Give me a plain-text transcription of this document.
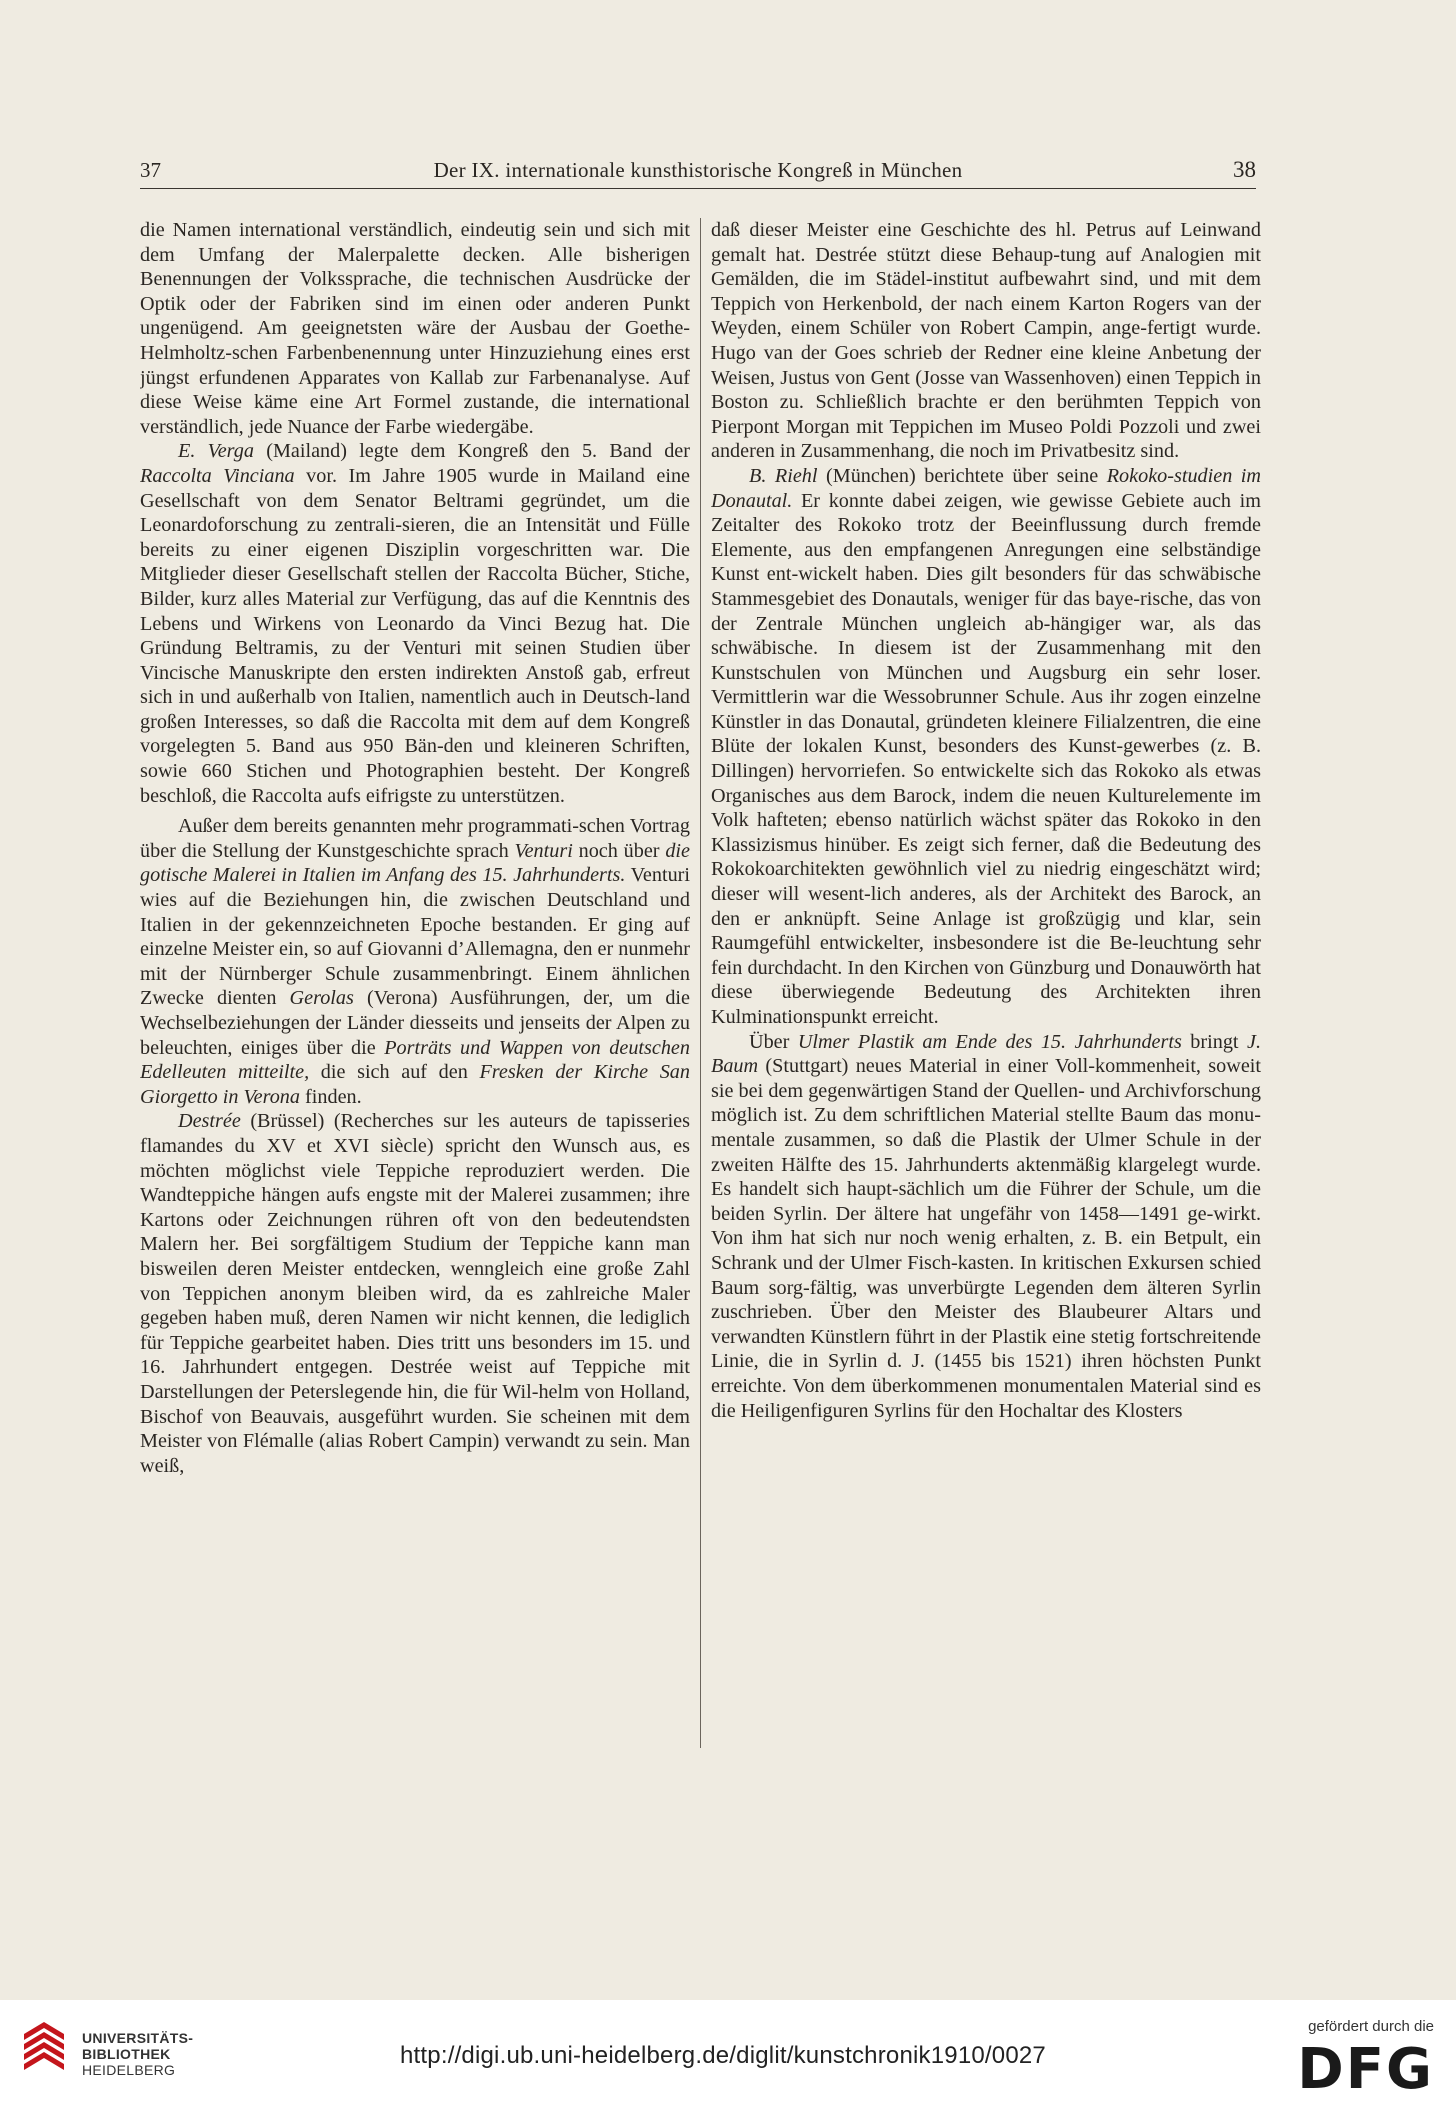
37	Der IX. internationale kunsthistorische Kongreß in München	38

die Namen international verständlich, eindeutig sein und sich mit dem Umfang der Malerpalette decken. Alle bisherigen Benennungen der Volkssprache, die technischen Ausdrücke der Optik oder der Fabriken sind im einen oder anderen Punkt ungenügend. Am geeignetsten wäre der Ausbau der Goethe-Helmholtz-schen Farbenbenennung unter Hinzuziehung eines erst jüngst erfundenen Apparates von Kallab zur Farbenanalyse. Auf diese Weise käme eine Art Formel zustande, die international verständlich, jede Nuance der Farbe wiedergäbe.

E. Verga (Mailand) legte dem Kongreß den 5. Band der Raccolta Vinciana vor. Im Jahre 1905 wurde in Mailand eine Gesellschaft von dem Senator Beltrami gegründet, um die Leonardoforschung zu zentrali-sieren, die an Intensität und Fülle bereits zu einer eigenen Disziplin vorgeschritten war. Die Mitglieder dieser Gesellschaft stellen der Raccolta Bücher, Stiche, Bilder, kurz alles Material zur Verfügung, das auf die Kenntnis des Lebens und Wirkens von Leonardo da Vinci Bezug hat. Die Gründung Beltramis, zu der Venturi mit seinen Studien über Vincische Manuskripte den ersten indirekten Anstoß gab, erfreut sich in und außerhalb von Italien, namentlich auch in Deutsch-land großen Interesses, so daß die Raccolta mit dem auf dem Kongreß vorgelegten 5. Band aus 950 Bän-den und kleineren Schriften, sowie 660 Stichen und Photographien besteht. Der Kongreß beschloß, die Raccolta aufs eifrigste zu unterstützen.

Außer dem bereits genannten mehr programmati-schen Vortrag über die Stellung der Kunstgeschichte sprach Venturi noch über die gotische Malerei in Italien im Anfang des 15. Jahrhunderts. Venturi wies auf die Beziehungen hin, die zwischen Deutschland und Italien in der gekennzeichneten Epoche bestanden. Er ging auf einzelne Meister ein, so auf Giovanni d’Allemagna, den er nunmehr mit der Nürnberger Schule zusammenbringt. Einem ähnlichen Zwecke dienten Gerolas (Verona) Ausführungen, der, um die Wechselbeziehungen der Länder diesseits und jenseits der Alpen zu beleuchten, einiges über die Porträts und Wappen von deutschen Edelleuten mitteilte, die sich auf den Fresken der Kirche San Giorgetto in Verona finden.

Destrée (Brüssel) (Recherches sur les auteurs de tapisseries flamandes du XV et XVI siècle) spricht den Wunsch aus, es möchten möglichst viele Teppiche reproduziert werden. Die Wandteppiche hängen aufs engste mit der Malerei zusammen; ihre Kartons oder Zeichnungen rühren oft von den bedeutendsten Malern her. Bei sorgfältigem Studium der Teppiche kann man bisweilen deren Meister entdecken, wenngleich eine große Zahl von Teppichen anonym bleiben wird, da es zahlreiche Maler gegeben haben muß, deren Namen wir nicht kennen, die lediglich für Teppiche gearbeitet haben. Dies tritt uns besonders im 15. und 16. Jahrhundert entgegen. Destrée weist auf Teppiche mit Darstellungen der Peterslegende hin, die für Wil-helm von Holland, Bischof von Beauvais, ausgeführt wurden. Sie scheinen mit dem Meister von Flémalle (alias Robert Campin) verwandt zu sein. Man weiß,

daß dieser Meister eine Geschichte des hl. Petrus auf Leinwand gemalt hat. Destrée stützt diese Behaup-tung auf Analogien mit Gemälden, die im Städel-institut aufbewahrt sind, und mit dem Teppich von Herkenbold, der nach einem Karton Rogers van der Weyden, einem Schüler von Robert Campin, ange-fertigt wurde. Hugo van der Goes schrieb der Redner eine kleine Anbetung der Weisen, Justus von Gent (Josse van Wassenhoven) einen Teppich in Boston zu. Schließlich brachte er den berühmten Teppich von Pierpont Morgan mit Teppichen im Museo Poldi Pozzoli und zwei anderen in Zusammenhang, die noch im Privatbesitz sind.

B. Riehl (München) berichtete über seine Rokoko-studien im Donautal. Er konnte dabei zeigen, wie gewisse Gebiete auch im Zeitalter des Rokoko trotz der Beeinflussung durch fremde Elemente, aus den empfangenen Anregungen eine selbständige Kunst ent-wickelt haben. Dies gilt besonders für das schwäbische Stammesgebiet des Donautals, weniger für das baye-rische, das von der Zentrale München ungleich ab-hängiger war, als das schwäbische. In diesem ist der Zusammenhang mit den Kunstschulen von München und Augsburg ein sehr loser. Vermittlerin war die Wessobrunner Schule. Aus ihr zogen einzelne Künstler in das Donautal, gründeten kleinere Filialzentren, die eine Blüte der lokalen Kunst, besonders des Kunst-gewerbes (z. B. Dillingen) hervorriefen. So entwickelte sich das Rokoko als etwas Organisches aus dem Barock, indem die neuen Kulturelemente im Volk hafteten; ebenso natürlich wächst später das Rokoko in den Klassizismus hinüber. Es zeigt sich ferner, daß die Bedeutung des Rokokoarchitekten gewöhnlich viel zu niedrig eingeschätzt wird; dieser will wesent-lich anderes, als der Architekt des Barock, an den er anknüpft. Seine Anlage ist großzügig und klar, sein Raumgefühl entwickelter, insbesondere ist die Be-leuchtung sehr fein durchdacht. In den Kirchen von Günzburg und Donauwörth hat diese überwiegende Bedeutung des Architekten ihren Kulminationspunkt erreicht.

Über Ulmer Plastik am Ende des 15. Jahrhunderts bringt J. Baum (Stuttgart) neues Material in einer Voll-kommenheit, soweit sie bei dem gegenwärtigen Stand der Quellen- und Archivforschung möglich ist. Zu dem schriftlichen Material stellte Baum das monu-mentale zusammen, so daß die Plastik der Ulmer Schule in der zweiten Hälfte des 15. Jahrhunderts aktenmäßig klargelegt wurde. Es handelt sich haupt-sächlich um die Führer der Schule, um die beiden Syrlin. Der ältere hat ungefähr von 1458—1491 ge-wirkt. Von ihm hat sich nur noch wenig erhalten, z. B. ein Betpult, ein Schrank und der Ulmer Fisch-kasten. In kritischen Exkursen schied Baum sorg-fältig, was unverbürgte Legenden dem älteren Syrlin zuschrieben. Über den Meister des Blaubeurer Altars und verwandten Künstlern führt in der Plastik eine stetig fortschreitende Linie, die in Syrlin d. J. (1455 bis 1521) ihren höchsten Punkt erreichte. Von dem überkommenen monumentalen Material sind es die Heiligenfiguren Syrlins für den Hochaltar des Klosters

UNIVERSITÄTS-
BIBLIOTHEK
HEIDELBERG
http://digi.ub.uni-heidelberg.de/diglit/kunstchronik1910/0027
gefördert durch die
DFG
